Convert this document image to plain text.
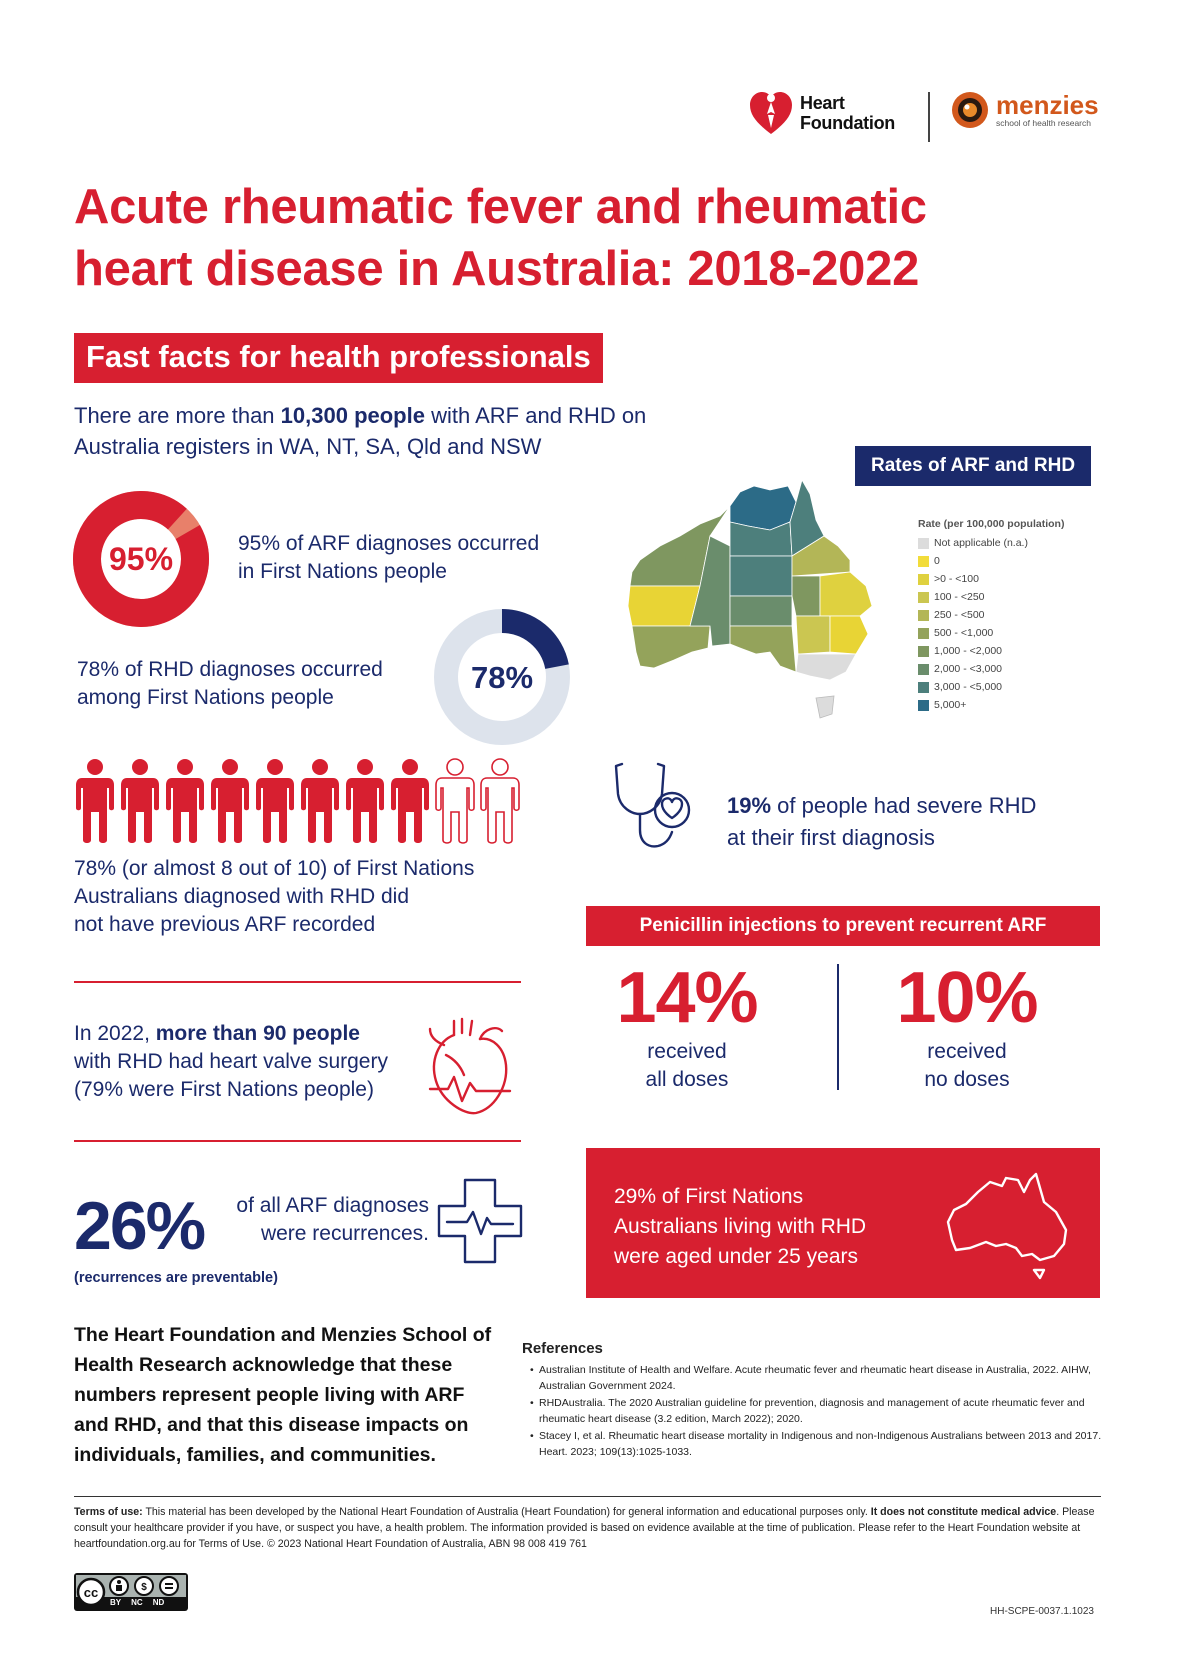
Heart
Foundation
menzies
school of health research
Acute rheumatic fever and rheumatic
heart disease in Australia: 2018-2022
Fast facts for health professionals
There are more than 10,300 people with ARF and RHD on Australia registers in WA, NT, SA, Qld and NSW
95%	95% of ARF diagnoses occurred
in First Nations people
78%
78% of RHD diagnoses occurred
among First Nations people
78% (or almost 8 out of 10) of First Nations
Australians diagnosed with RHD did
not have previous ARF recorded
In 2022, more than 90 people
with RHD had heart valve surgery
(79% were First Nations people)
26%	of all ARF diagnoses
were recurrences.
(recurrences are preventable)
Rates of ARF and RHD
Rate (per 100,000 population)
Not applicable (n.a.)
0
>0 - <100
100 - <250
250 - <500
500 - <1,000
1,000 - <2,000
2,000 - <3,000
3,000 - <5,000
5,000+
19% of people had severe RHD
at their first diagnosis
Penicillin injections to prevent recurrent ARF
14%
received
all doses
10%
received
no doses
29% of First Nations
Australians living with RHD
were aged under 25 years
The Heart Foundation and Menzies School of Health Research acknowledge that these numbers represent people living with ARF and RHD, and that this disease impacts on individuals, families, and communities.
References
• Australian Institute of Health and Welfare. Acute rheumatic fever and rheumatic heart disease in Australia, 2022. AIHW, Australian Government 2024.
• RHDAustralia. The 2020 Australian guideline for prevention, diagnosis and management of acute rheumatic fever and rheumatic heart disease (3.2 edition, March 2022); 2020.
• Stacey I, et al. Rheumatic heart disease mortality in Indigenous and non-Indigenous Australians between 2013 and 2017. Heart. 2023; 109(13):1025-1033.
Terms of use: This material has been developed by the National Heart Foundation of Australia (Heart Foundation) for general information and educational purposes only. It does not constitute medical advice. Please consult your healthcare provider if you have, or suspect you have, a health problem. The information provided is based on evidence available at the time of publication. Please refer to the Heart Foundation website at heartfoundation.org.au for Terms of Use. © 2023 National Heart Foundation of Australia, ABN 98 008 419 761
cc	$
BY NC ND
HH-SCPE-0037.1.1023
